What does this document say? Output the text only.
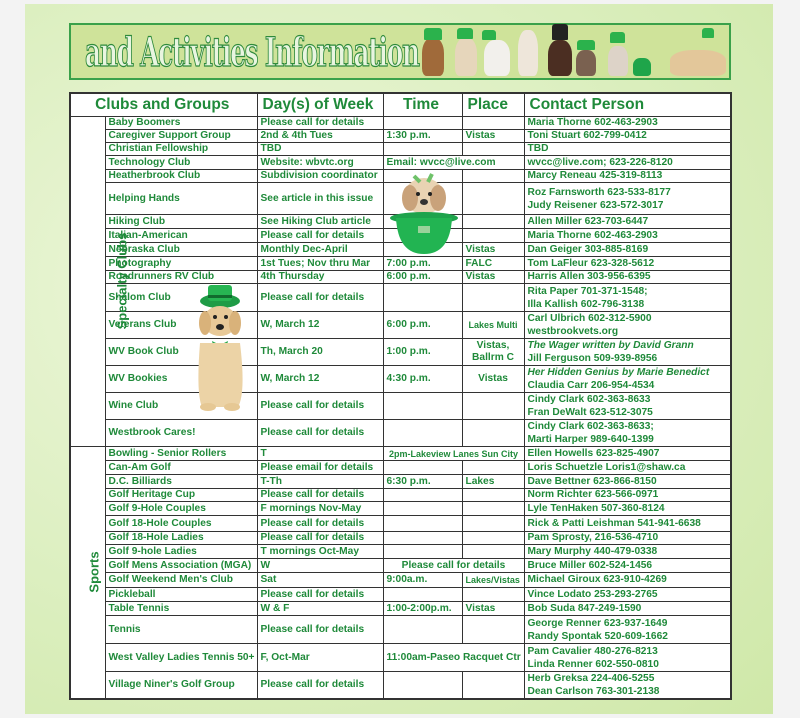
and Activities Information
Clubs and Groups		Day(s) of Week	Time	Place	Contact Person
Specialty Clubs	Baby Boomers	Please call for details			Maria Thorne 602-463-2903
	Caregiver Support Group	2nd & 4th Tues	1:30 p.m.	Vistas	Toni Stuart 602-799-0412
	Christian Fellowship	TBD			TBD
	Technology Club	Website: wbvtc.org	Email: wvcc@live.com		wvcc@live.com; 623-226-8120
	Heatherbrook Club	Subdivision coordinator			Marcy Reneau 425-319-8113
	Helping Hands	See article in this issue			Roz Farnsworth 623-533-8177
Judy Reisener 623-572-3017

	Hiking Club	See Hiking Club article			Allen Miller 623-703-6447
	Italian-American	Please call for details			Maria Thorne 602-463-2903
	Nebraska Club	Monthly Dec-April		Vistas	Dan Geiger 303-885-8169
	Photography	1st Tues; Nov thru Mar	7:00 p.m.	FALC	Tom LaFleur 623-328-5612
	Roadrunners RV Club	4th Thursday	6:00 p.m.	Vistas	Harris Allen 303-956-6395
	Shalom Club	Please call for details			Rita Paper 701-371-1548;
Illa Kallish 602-796-3138

	Veterans Club	W, March 12	6:00 p.m.	Lakes Multi	Carl Ulbrich 602-312-5900
westbrookvets.org

	WV Book Club	Th, March 20	1:00 p.m.	Vistas, Ballrm C	The Wager written by David Grann
Jill Ferguson 509-939-8956

	WV Bookies	W, March 12	4:30 p.m.	Vistas	Her Hidden Genius by Marie Benedict
Claudia Carr 206-954-4534

	Wine Club	Please call for details			Cindy Clark 602-363-8633
Fran DeWalt 623-512-3075

	Westbrook Cares!	Please call for details			Cindy Clark 602-363-8633;
Marti Harper 989-640-1399

Sports	Bowling - Senior Rollers	T	2pm-Lakeview Lanes Sun City		Ellen Howells 623-825-4907
	Can-Am Golf	Please email for details			Loris Schuetzle Loris1@shaw.ca
	D.C. Billiards	T-Th	6:30 p.m.	Lakes	Dave Bettner 623-866-8150
	Golf Heritage Cup	Please call for details			Norm Richter 623-566-0971
	Golf 9-Hole Couples	F mornings Nov-May			Lyle TenHaken 507-360-8124
	Golf 18-Hole Couples	Please call for details			Rick & Patti Leishman 541-941-6638
	Golf 18-Hole Ladies	Please call for details			Pam Sprosty, 216-536-4710
	Golf 9-hole Ladies	T mornings Oct-May			Mary Murphy 440-479-0338
	Golf Mens Association (MGA)	W	Please call for details		Bruce Miller 602-524-1456
	Golf Weekend Men's Club	Sat	9:00a.m.	Lakes/Vistas	Michael Giroux 623-910-4269
	Pickleball	Please call for details			Vince Lodato 253-293-2765
	Table Tennis	W & F	1:00-2:00p.m.	Vistas	Bob Suda 847-249-1590
	Tennis	Please call for details			George Renner 623-937-1649
Randy Spontak 520-609-1662

	West Valley Ladies Tennis 50+	F, Oct-Mar	11:00am-Paseo Racquet Ctr		Pam Cavalier 480-276-8213
Linda Renner 602-550-0810

	Village Niner's Golf Group	Please call for details			Herb Greksa 224-406-5255
Dean Carlson 763-301-2138
